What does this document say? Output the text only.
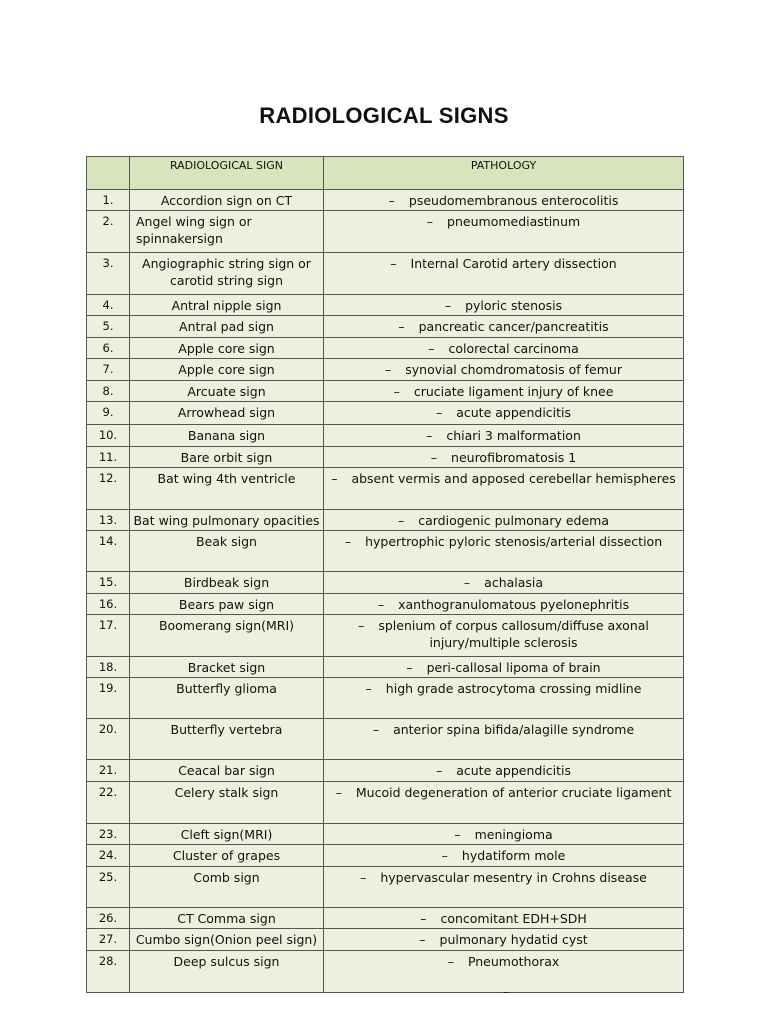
RADIOLOGICAL SIGNS
	RADIOLOGICAL SIGN	PATHOLOGY
1.	Accordion sign on CT	– pseudomembranous enterocolitis
2.	Angel wing sign or spinnakersign	– pneumomediastinum
3.	Angiographic string sign or carotid string sign	– Internal Carotid artery dissection
4.	Antral nipple sign	– pyloric stenosis
5.	Antral pad sign	– pancreatic cancer/pancreatitis
6.	Apple core sign	– colorectal carcinoma
7.	Apple core sign	– synovial chomdromatosis of femur
8.	Arcuate sign	– cruciate ligament injury of knee
9.	Arrowhead sign	– acute appendicitis
10.	Banana sign	– chiari 3 malformation
11.	Bare orbit sign	– neurofibromatosis 1
12.	Bat wing 4th ventricle	– absent vermis and apposed cerebellar hemispheres
13.	Bat wing pulmonary opacities	– cardiogenic pulmonary edema
14.	Beak sign	– hypertrophic pyloric stenosis/arterial dissection
15.	Birdbeak sign	– achalasia
16.	Bears paw sign	– xanthogranulomatous pyelonephritis
17.	Boomerang sign(MRI)	– splenium of corpus callosum/diffuse axonal injury/multiple sclerosis
18.	Bracket sign	– peri-callosal lipoma of brain
19.	Butterfly glioma	– high grade astrocytoma crossing midline
20.	Butterfly vertebra	– anterior spina bifida/alagille syndrome
21.	Ceacal bar sign	– acute appendicitis
22.	Celery stalk sign	– Mucoid degeneration of anterior cruciate ligament
23.	Cleft sign(MRI)	– meningioma
24.	Cluster of grapes	– hydatiform mole
25.	Comb sign	– hypervascular mesentry in Crohns disease
26.	CT Comma sign	– concomitant EDH+SDH
27.	Cumbo sign(Onion peel sign)	– pulmonary hydatid cyst
28.	Deep sulcus sign	– Pneumothorax
–
